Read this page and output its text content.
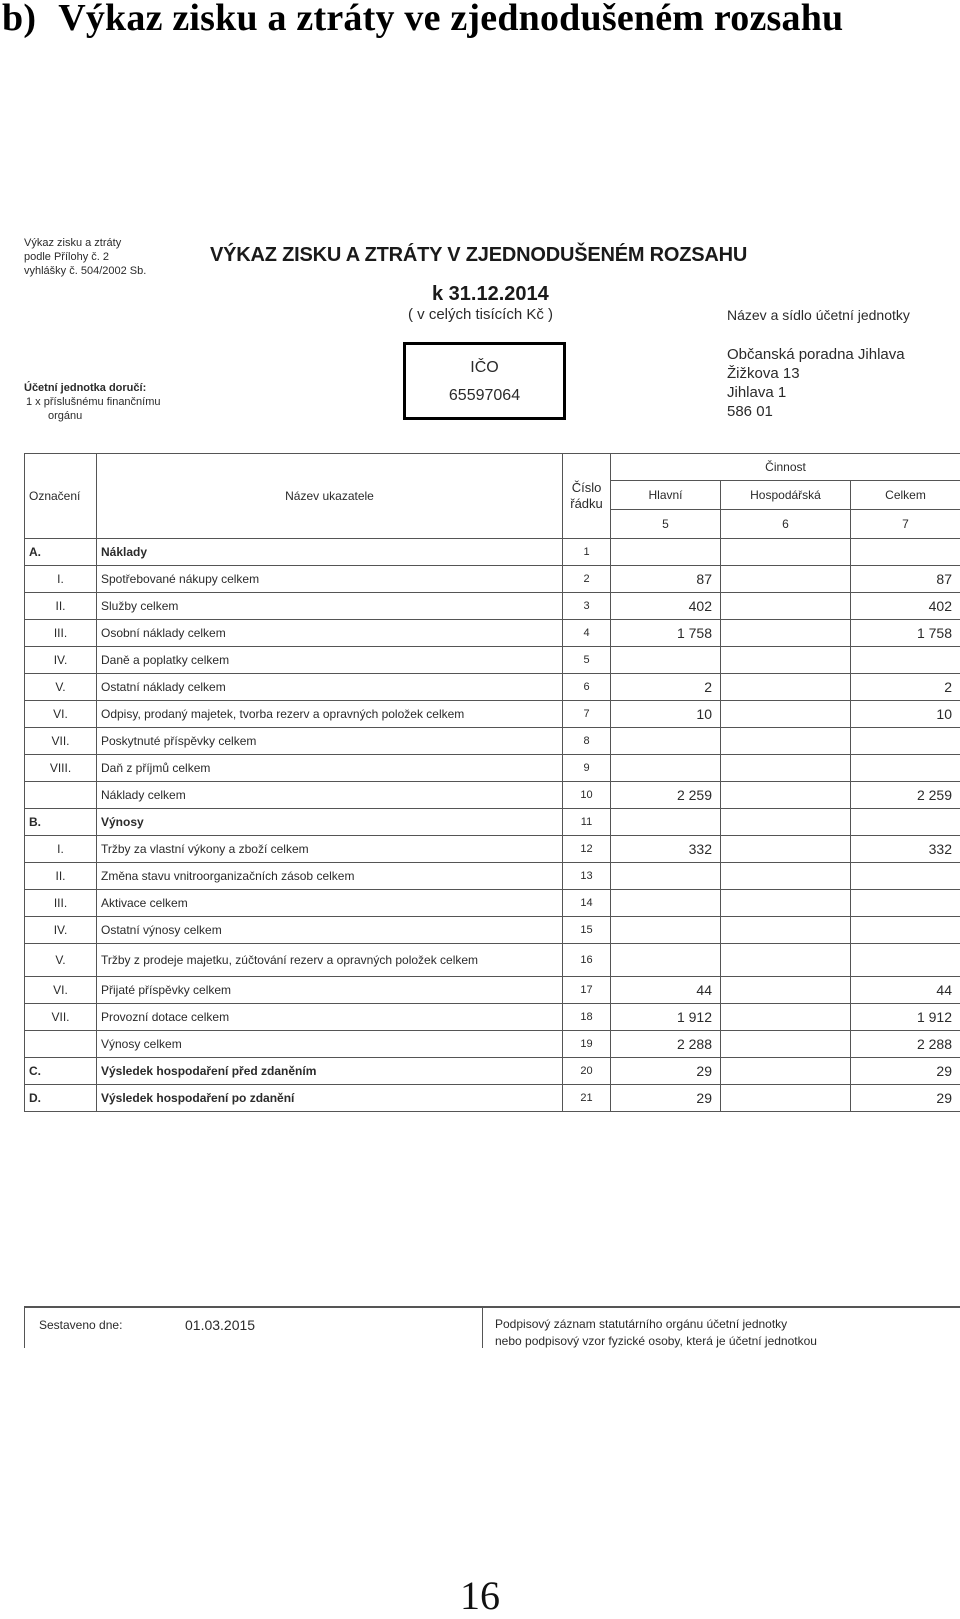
b) Výkaz zisku a ztráty ve zjednodušeném rozsahu
Výkaz zisku a ztráty
podle Přílohy č. 2
vyhlášky č. 504/2002 Sb.
VÝKAZ ZISKU A ZTRÁTY V ZJEDNODUŠENÉM ROZSAHU
k 31.12.2014
( v celých tisících Kč )
IČO
65597064
Název a sídlo účetní jednotky
Občanská poradna Jihlava
Žižkova 13
Jihlava 1
586 01
Účetní jednotka doručí:
1 x příslušnému finančnímu
orgánu
Označení	Název ukazatele	Číslo řádku	Činnost		
			Hlavní	Hospodářská	Celkem
			5	6	7
A.	Náklady	1			
I.	Spotřebované nákupy celkem	2	87		87
II.	Služby celkem	3	402		402
III.	Osobní náklady celkem	4	1 758		1 758
IV.	Daně a poplatky celkem	5			
V.	Ostatní náklady celkem	6	2		2
VI.	Odpisy, prodaný majetek, tvorba rezerv a opravných položek celkem	7	10		10
VII.	Poskytnuté příspěvky celkem	8			
VIII.	Daň z příjmů celkem	9			
	Náklady celkem	10	2 259		2 259
B.	Výnosy	11			
I.	Tržby za vlastní výkony a zboží celkem	12	332		332
II.	Změna stavu vnitroorganizačních zásob celkem	13			
III.	Aktivace celkem	14			
IV.	Ostatní výnosy celkem	15			
V.	Tržby z prodeje majetku, zúčtování rezerv a opravných položek celkem	16			
VI.	Přijaté příspěvky celkem	17	44		44
VII.	Provozní dotace celkem	18	1 912		1 912
	Výnosy celkem	19	2 288		2 288
C.	Výsledek hospodaření před zdaněním	20	29		29
D.	Výsledek hospodaření po zdanění	21	29		29
Sestaveno dne:	01.03.2015	Podpisový záznam statutárního orgánu účetní jednotky
nebo podpisový vzor fyzické osoby, která je účetní jednotkou
16
